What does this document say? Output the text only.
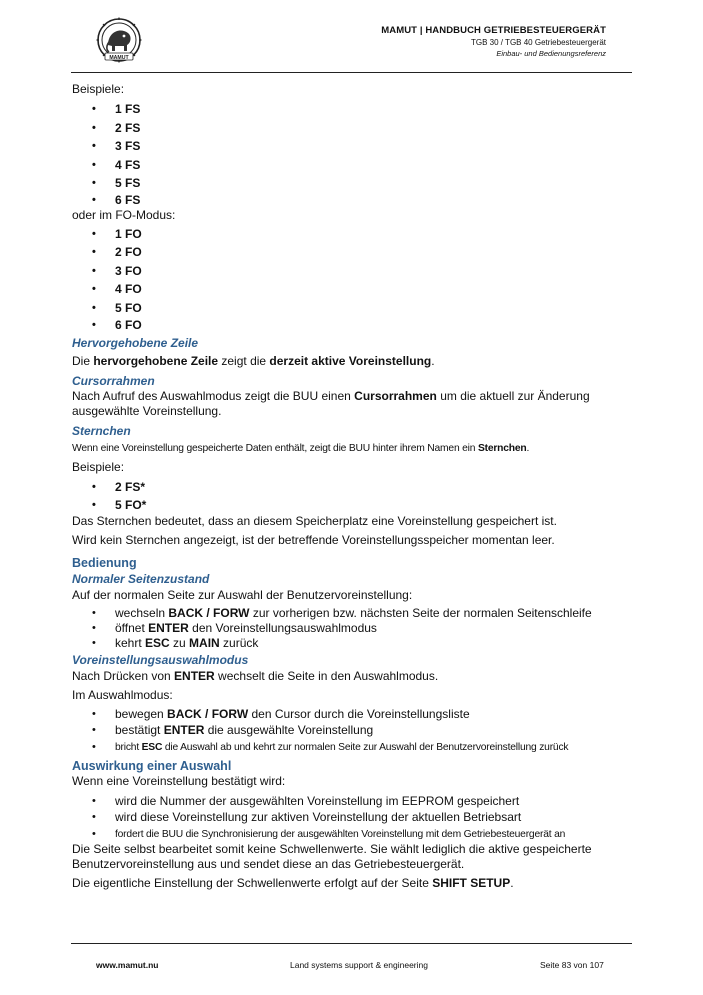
MAMUT
MAMUT | HANDBUCH GETRIEBESTEUERGERÄT
TGB 30 / TGB 40 Getriebesteuergerät
Einbau- und Bedienungsreferenz

Beispiele:

• 1 FS
• 2 FS
• 3 FS
• 4 FS
• 5 FS
• 6 FS

oder im FO-Modus:

• 1 FO
• 2 FO
• 3 FO
• 4 FO
• 5 FO
• 6 FO
Hervorgehobene Zeile

Die hervorgehobene Zeile zeigt die derzeit aktive Voreinstellung.

Cursorrahmen

Nach Aufruf des Auswahlmodus zeigt die BUU einen Cursorrahmen um die aktuell zur Änderung ausgewählte Voreinstellung.

Sternchen

Wenn eine Voreinstellung gespeicherte Daten enthält, zeigt die BUU hinter ihrem Namen ein Sternchen.

Beispiele:

• 2 FS*
• 5 FO*

Das Sternchen bedeutet, dass an diesem Speicherplatz eine Voreinstellung gespeichert ist.

Wird kein Sternchen angezeigt, ist der betreffende Voreinstellungsspeicher momentan leer.

Bedienung
Normaler Seitenzustand

Auf der normalen Seite zur Auswahl der Benutzervoreinstellung:

• wechseln BACK / FORW zur vorherigen bzw. nächsten Seite der normalen Seitenschleife
• öffnet ENTER den Voreinstellungsauswahlmodus
• kehrt ESC zu MAIN zurück
Voreinstellungsauswahlmodus

Nach Drücken von ENTER wechselt die Seite in den Auswahlmodus.

Im Auswahlmodus:

• bewegen BACK / FORW den Cursor durch die Voreinstellungsliste
• bestätigt ENTER die ausgewählte Voreinstellung
• bricht ESC die Auswahl ab und kehrt zur normalen Seite zur Auswahl der Benutzervoreinstellung zurück
Auswirkung einer Auswahl

Wenn eine Voreinstellung bestätigt wird:

• wird die Nummer der ausgewählten Voreinstellung im EEPROM gespeichert
• wird diese Voreinstellung zur aktiven Voreinstellung der aktuellen Betriebsart
• fordert die BUU die Synchronisierung der ausgewählten Voreinstellung mit dem Getriebesteuergerät an

Die Seite selbst bearbeitet somit keine Schwellenwerte. Sie wählt lediglich die aktive gespeicherte Benutzervoreinstellung aus und sendet diese an das Getriebesteuergerät.

Die eigentliche Einstellung der Schwellenwerte erfolgt auf der Seite SHIFT SETUP.

www.mamut.nu	Land systems support & engineering	Seite 83 von 107
